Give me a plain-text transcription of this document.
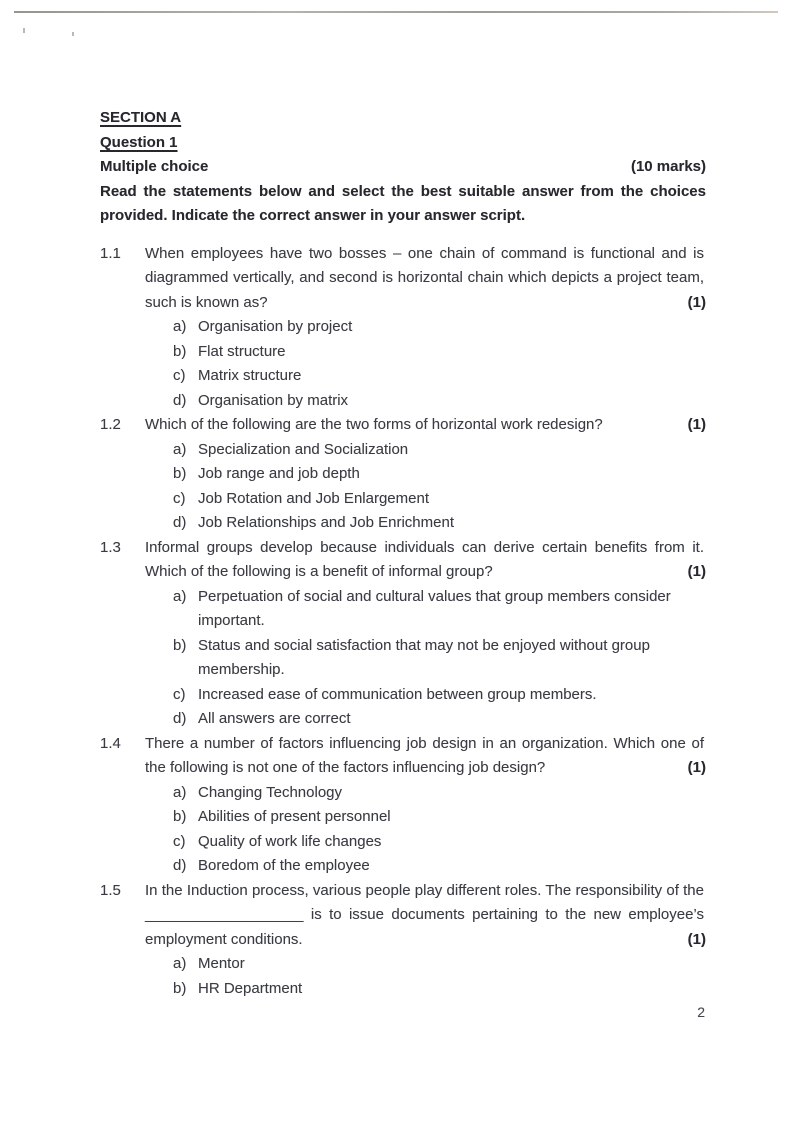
SECTION A
Question 1
Multiple choice	(10 marks)

Read the statements below and select the best suitable answer from the choices provided. Indicate the correct answer in your answer script.

1.1	When employees have two bosses – one chain of command is functional and is diagrammed vertically, and second is horizontal chain which depicts a project team, such is known as?	(1)

a) Organisation by project
b) Flat structure
c) Matrix structure
d) Organisation by matrix
1.2	Which of the following are the two forms of horizontal work redesign?	(1)

a) Specialization and Socialization
b) Job range and job depth
c) Job Rotation and Job Enlargement
d) Job Relationships and Job Enrichment
1.3	Informal groups develop because individuals can derive certain benefits from it. Which of the following is a benefit of informal group?	(1)

a) Perpetuation of social and cultural values that group members consider important.
b) Status and social satisfaction that may not be enjoyed without group membership.
c) Increased ease of communication between group members.
d) All answers are correct
1.4	There a number of factors influencing job design in an organization. Which one of the following is not one of the factors influencing job design?	(1)

a) Changing Technology
b) Abilities of present personnel
c) Quality of work life changes
d) Boredom of the employee
1.5	In the Induction process, various people play different roles. The responsibility of the ___________________ is to issue documents pertaining to the new employee’s employment conditions.	(1)

a) Mentor
b) HR Department
2
